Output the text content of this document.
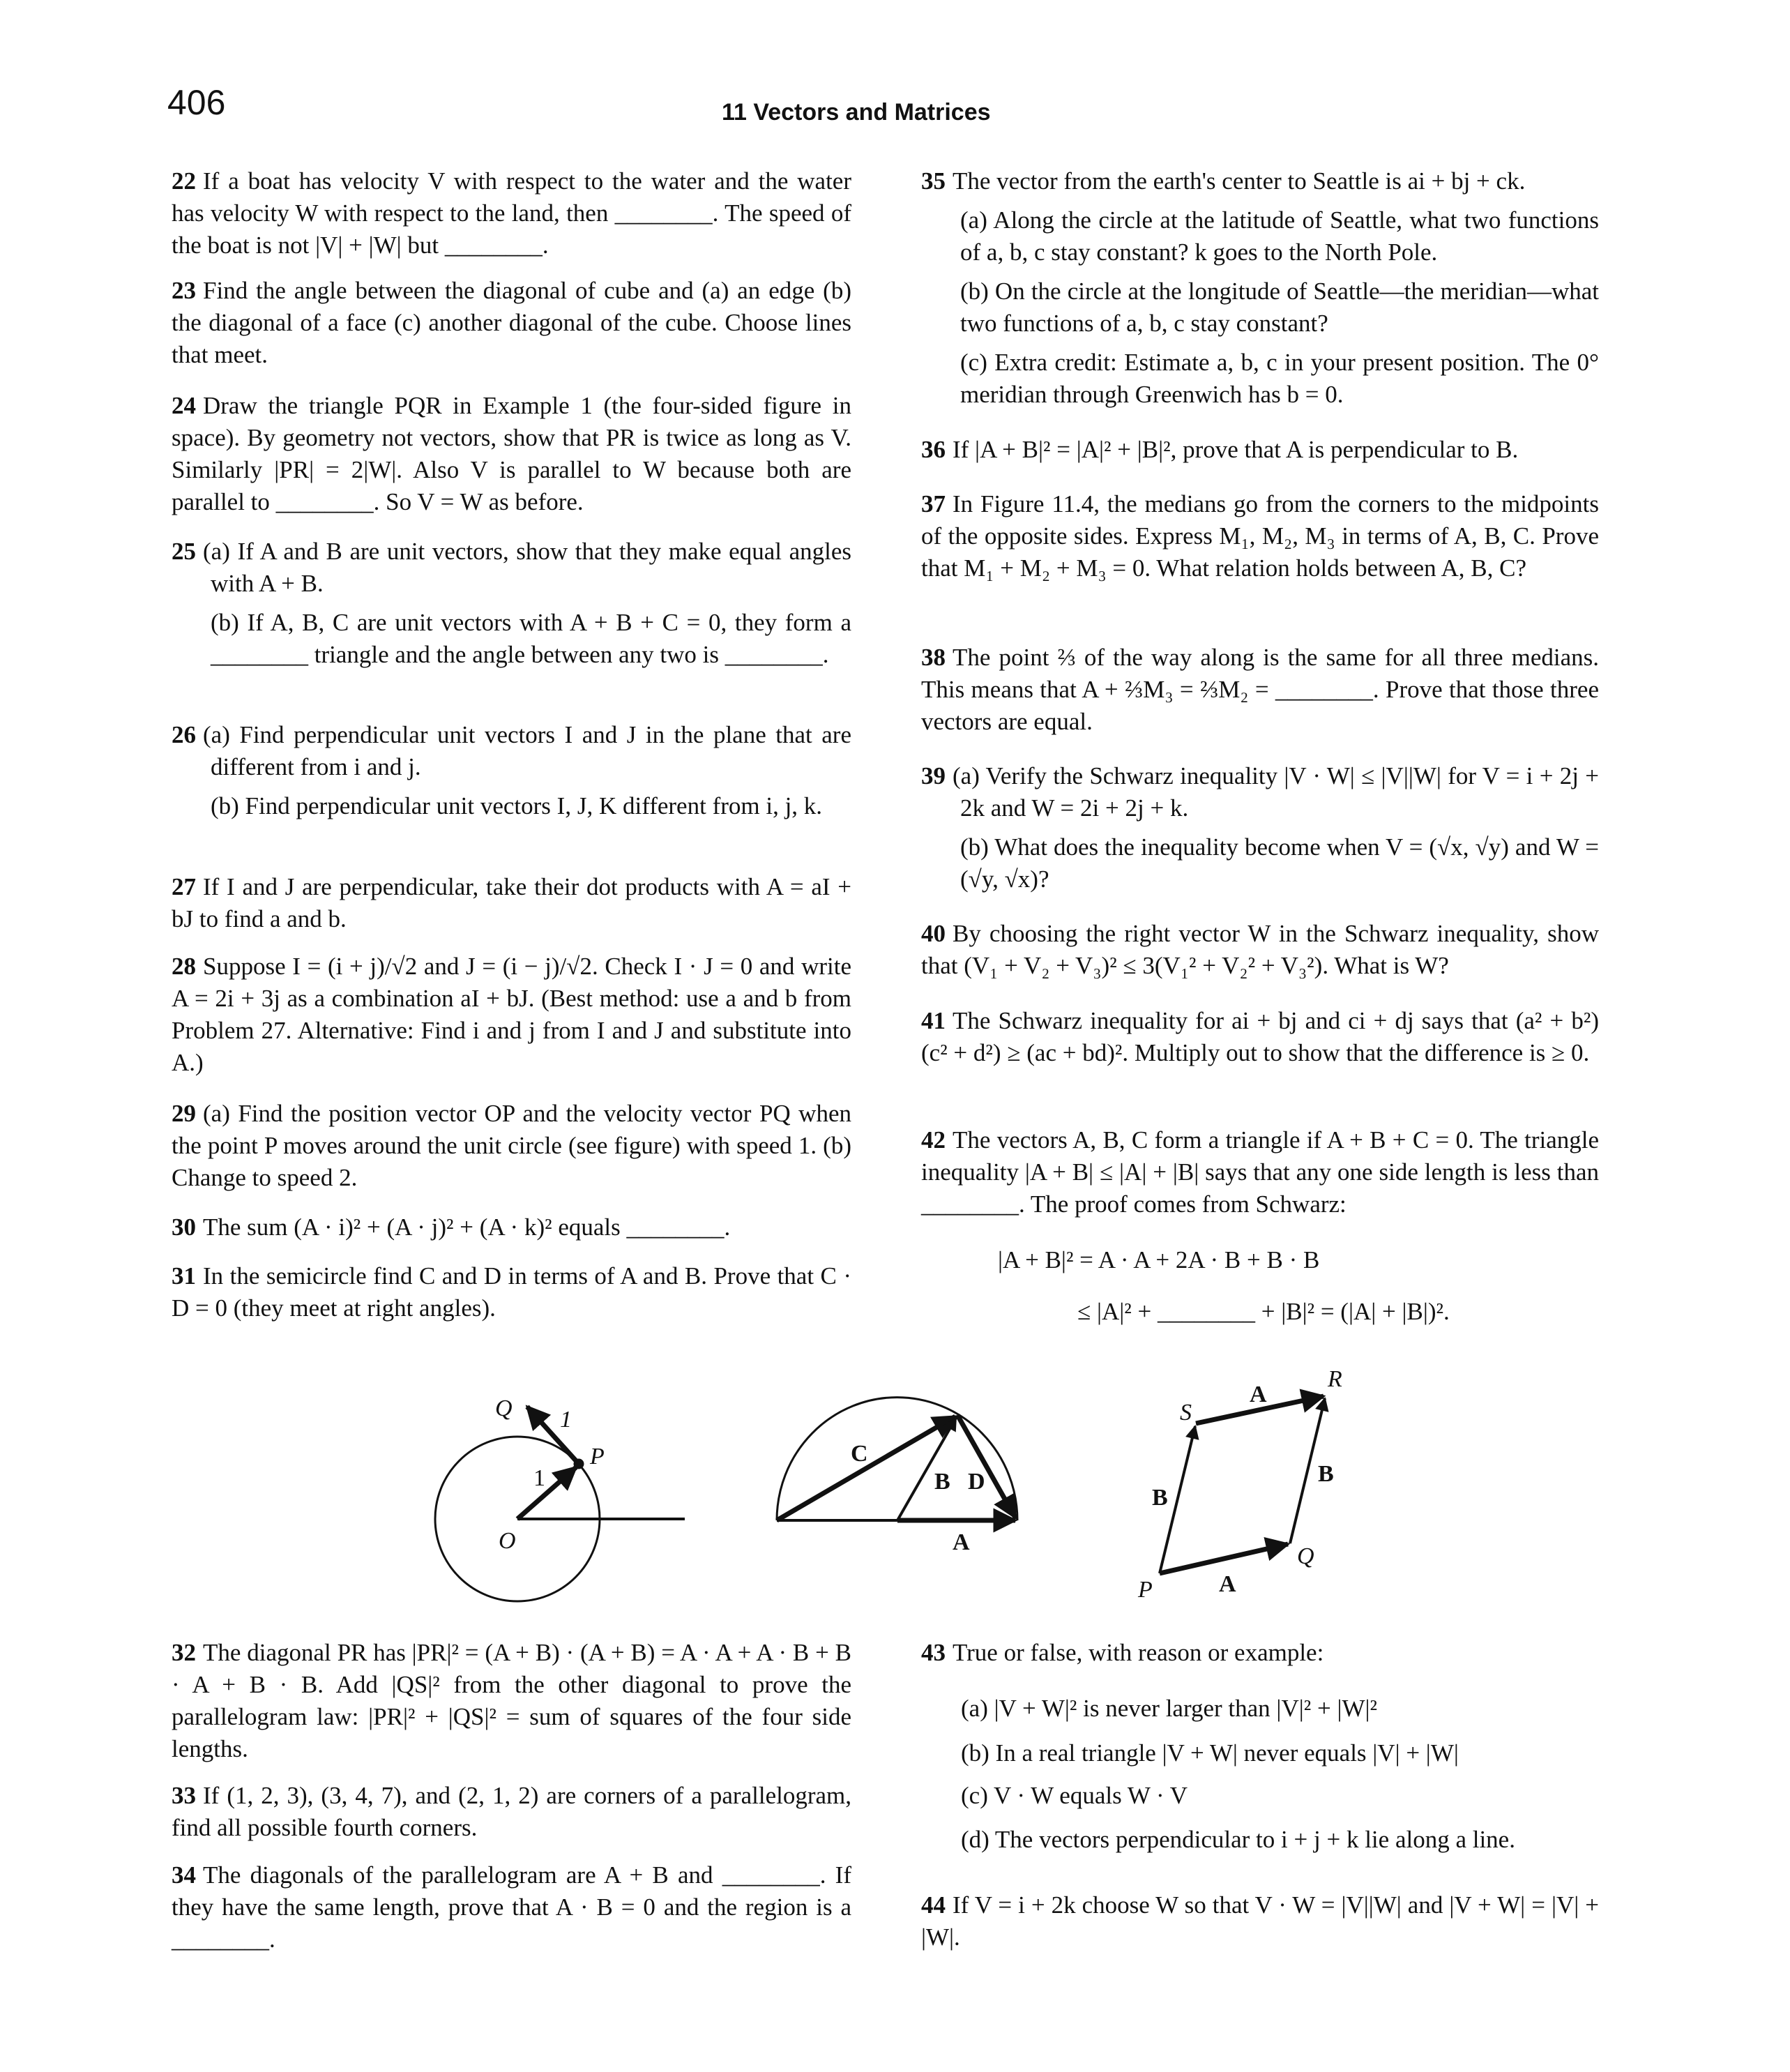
406	11 Vectors and Matrices

22 If a boat has velocity V with respect to the water and the water has velocity W with respect to the land, then ________. The speed of the boat is not |V| + |W| but ________.

23 Find the angle between the diagonal of cube and (a) an edge (b) the diagonal of a face (c) another diagonal of the cube. Choose lines that meet.

24 Draw the triangle PQR in Example 1 (the four-sided figure in space). By geometry not vectors, show that PR is twice as long as V. Similarly |PR| = 2|W|. Also V is parallel to W because both are parallel to ________. So V = W as before.

25 (a) If A and B are unit vectors, show that they make equal angles with A + B.
(b) If A, B, C are unit vectors with A + B + C = 0, they form a ________ triangle and the angle between any two is ________.
26 (a) Find perpendicular unit vectors I and J in the plane that are different from i and j.
(b) Find perpendicular unit vectors I, J, K different from i, j, k.

27 If I and J are perpendicular, take their dot products with A = aI + bJ to find a and b.

28 Suppose I = (i + j)/√2 and J = (i − j)/√2. Check I · J = 0 and write A = 2i + 3j as a combination aI + bJ. (Best method: use a and b from Problem 27. Alternative: Find i and j from I and J and substitute into A.)

29 (a) Find the position vector OP and the velocity vector PQ when the point P moves around the unit circle (see figure) with speed 1. (b) Change to speed 2.

30 The sum (A · i)² + (A · j)² + (A · k)² equals ________.

31 In the semicircle find C and D in terms of A and B. Prove that C · D = 0 (they meet at right angles).

32 The diagonal PR has |PR|² = (A + B) · (A + B) = A · A + A · B + B · A + B · B. Add |QS|² from the other diagonal to prove the parallelogram law: |PR|² + |QS|² = sum of squares of the four side lengths.

33 If (1, 2, 3), (3, 4, 7), and (2, 1, 2) are corners of a parallelogram, find all possible fourth corners.

34 The diagonals of the parallelogram are A + B and ________. If they have the same length, prove that A · B = 0 and the region is a ________.

35 The vector from the earth's center to Seattle is ai + bj + ck.
(a) Along the circle at the latitude of Seattle, what two functions of a, b, c stay constant? k goes to the North Pole.
(b) On the circle at the longitude of Seattle—the meridian—what two functions of a, b, c stay constant?
(c) Extra credit: Estimate a, b, c in your present position. The 0° meridian through Greenwich has b = 0.

36 If |A + B|² = |A|² + |B|², prove that A is perpendicular to B.

37 In Figure 11.4, the medians go from the corners to the midpoints of the opposite sides. Express M₁, M₂, M₃ in terms of A, B, C. Prove that M₁ + M₂ + M₃ = 0. What relation holds between A, B, C?

38 The point ⅔ of the way along is the same for all three medians. This means that A + ⅔M₃ = ⅔M₂ = ________. Prove that those three vectors are equal.

39 (a) Verify the Schwarz inequality |V · W| ≤ |V||W| for V = i + 2j + 2k and W = 2i + 2j + k.
(b) What does the inequality become when V = (√x, √y) and W = (√y, √x)?

40 By choosing the right vector W in the Schwarz inequality, show that (V₁ + V₂ + V₃)² ≤ 3(V₁² + V₂² + V₃²). What is W?

41 The Schwarz inequality for ai + bj and ci + dj says that (a² + b²)(c² + d²) ≥ (ac + bd)². Multiply out to show that the difference is ≥ 0.

42 The vectors A, B, C form a triangle if A + B + C = 0. The triangle inequality |A + B| ≤ |A| + |B| says that any one side length is less than ________. The proof comes from Schwarz:

|A + B|² = A · A + 2A · B + B · B
≤ |A|² + ________ + |B|² = (|A| + |B|)².

43 True or false, with reason or example:

(a) |V + W|² is never larger than |V|² + |W|²
(b) In a real triangle |V + W| never equals |V| + |W|
(c) V · W equals W · V
(d) The vectors perpendicular to i + j + k lie along a line.

44 If V = i + 2k choose W so that V · W = |V||W| and |V + W| = |V| + |W|.

Q 1
P
1
O
C
B D
A
R
A
S
B
B
Q
P	A
